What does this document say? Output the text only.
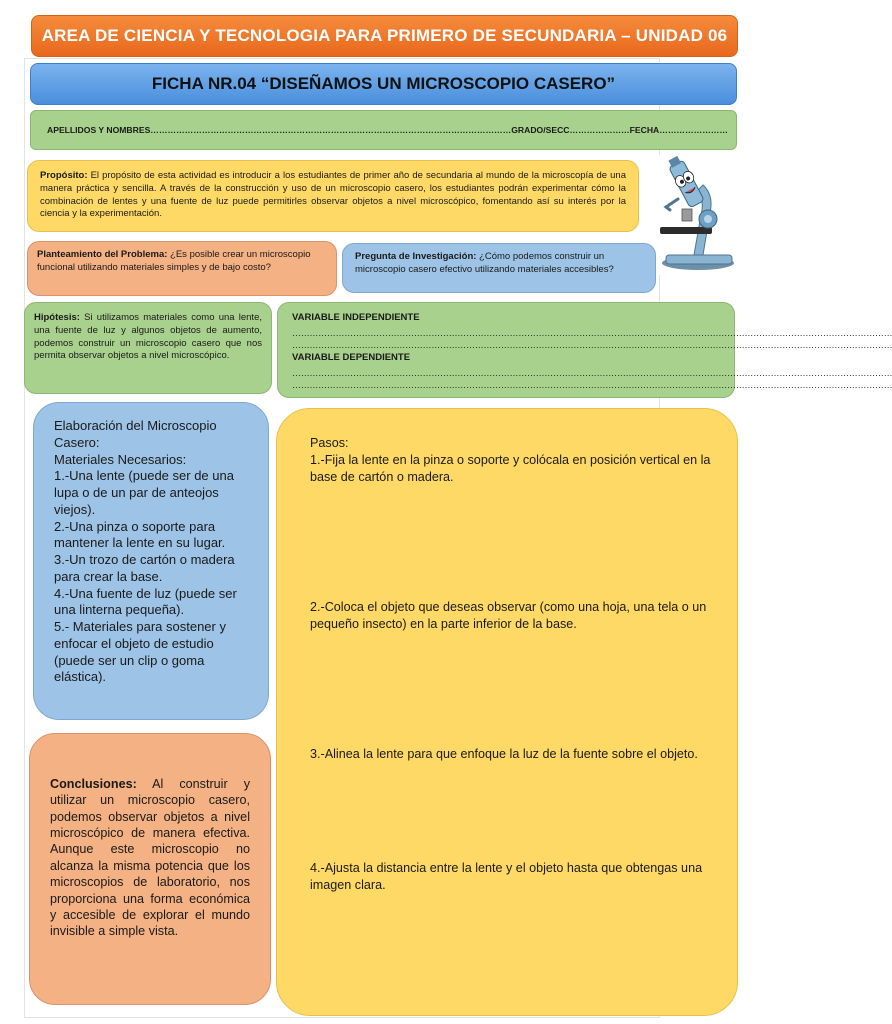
AREA DE CIENCIA Y TECNOLOGIA PARA PRIMERO DE SECUNDARIA – UNIDAD 06
FICHA NR.04 “DISEÑAMOS UN MICROSCOPIO CASERO”
APELLIDOS Y NOMBRES………………………………………………………………………………………………………………GRADO/SECC…………………FECHA……………………
Propósito: El propósito de esta actividad es introducir a los estudiantes de primer año de secundaria al mundo de la microscopía de una manera práctica y sencilla. A través de la construcción y uso de un microscopio casero, los estudiantes podrán experimentar cómo la combinación de lentes y una fuente de luz puede permitirles observar objetos a nivel microscópico, fomentando así su interés por la ciencia y la experimentación.
Planteamiento del Problema: ¿Es posible crear un microscopio funcional utilizando materiales simples y de bajo costo?
Pregunta de Investigación: ¿Cómo podemos construir un microscopio casero efectivo utilizando materiales accesibles?
Hipótesis: Si utilizamos materiales como una lente, una fuente de luz y algunos objetos de aumento, podemos construir un microscopio casero que nos permita observar objetos a nivel microscópico.
VARIABLE INDEPENDIENTE
………………………………………………………………………………………………………………………………………………………………………………………
………………………………………………………………………………………………………………………………………………………………………………………
VARIABLE DEPENDIENTE
………………………………………………………………………………………………………………………………………………………………………………………
………………………………………………………………………………………………………………………………………………………………………………………
Elaboración del Microscopio Casero:
Materiales Necesarios:
1.-Una lente (puede ser de una lupa o de un par de anteojos viejos).
2.-Una pinza o soporte para mantener la lente en su lugar.
3.-Un trozo de cartón o madera para crear la base.
4.-Una fuente de luz (puede ser una linterna pequeña).
5.- Materiales para sostener y enfocar el objeto de estudio (puede ser un clip o goma elástica).
Pasos:
1.-Fija la lente en la pinza o soporte y colócala en posición vertical en la base de cartón o madera.
2.-Coloca el objeto que deseas observar (como una hoja, una tela o un pequeño insecto) en la parte inferior de la base.
3.-Alinea la lente para que enfoque la luz de la fuente sobre el objeto.
4.-Ajusta la distancia entre la lente y el objeto hasta que obtengas una imagen clara.
Conclusiones: Al construir y utilizar un microscopio casero, podemos observar objetos a nivel microscópico de manera efectiva. Aunque este microscopio no alcanza la misma potencia que los microscopios de laboratorio, nos proporciona una forma económica y accesible de explorar el mundo invisible a simple vista.
